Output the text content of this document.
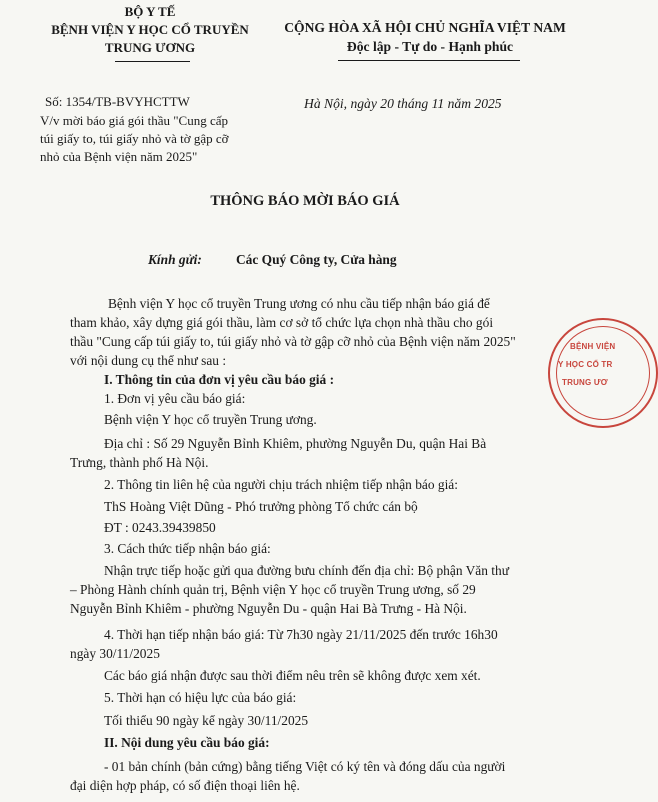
BỘ Y TẾ
BỆNH VIỆN Y HỌC CỔ TRUYỀN
TRUNG ƯƠNG
Số: 1354/TB-BVYHCTTW
V/v mời báo giá gói thầu "Cung cấp
túi giấy to, túi giấy nhỏ và tờ gập cỡ
nhỏ của Bệnh viện năm 2025"
CỘNG HÒA XÃ HỘI CHỦ NGHĨA VIỆT NAM
Độc lập - Tự do - Hạnh phúc
Hà Nội, ngày 20 tháng 11 năm 2025
THÔNG BÁO MỜI BÁO GIÁ
Kính gửi:	Các Quý Công ty, Cửa hàng
Bệnh viện Y học cổ truyền Trung ương có nhu cầu tiếp nhận báo giá để
tham khảo, xây dựng giá gói thầu, làm cơ sở tổ chức lựa chọn nhà thầu cho gói
thầu "Cung cấp túi giấy to, túi giấy nhỏ và tờ gập cỡ nhỏ của Bệnh viện năm 2025"
với nội dung cụ thể như sau :
I. Thông tin của đơn vị yêu cầu báo giá :
1. Đơn vị yêu cầu báo giá:
Bệnh viện Y học cổ truyền Trung ương.
Địa chỉ : Số 29 Nguyễn Bỉnh Khiêm, phường Nguyễn Du, quận Hai Bà
Trưng, thành phố Hà Nội.
2. Thông tin liên hệ của người chịu trách nhiệm tiếp nhận báo giá:
ThS Hoàng Việt Dũng - Phó trưởng phòng Tổ chức cán bộ
ĐT : 0243.39439850
3. Cách thức tiếp nhận báo giá:
Nhận trực tiếp hoặc gửi qua đường bưu chính đến địa chỉ: Bộ phận Văn thư
– Phòng Hành chính quản trị, Bệnh viện Y học cổ truyền Trung ương, số 29
Nguyễn Bỉnh Khiêm - phường Nguyễn Du - quận Hai Bà Trưng - Hà Nội.
4. Thời hạn tiếp nhận báo giá: Từ 7h30 ngày 21/11/2025 đến trước 16h30
ngày 30/11/2025
Các báo giá nhận được sau thời điểm nêu trên sẽ không được xem xét.
5. Thời hạn có hiệu lực của báo giá:
Tối thiểu 90 ngày kể ngày 30/11/2025
II. Nội dung yêu cầu báo giá:
- 01 bản chính (bản cứng) bằng tiếng Việt có ký tên và đóng dấu của người
đại diện hợp pháp, có số điện thoại liên hệ.
BỆNH VIỆN
Y HỌC CỔ TR
TRUNG ƯƠ
